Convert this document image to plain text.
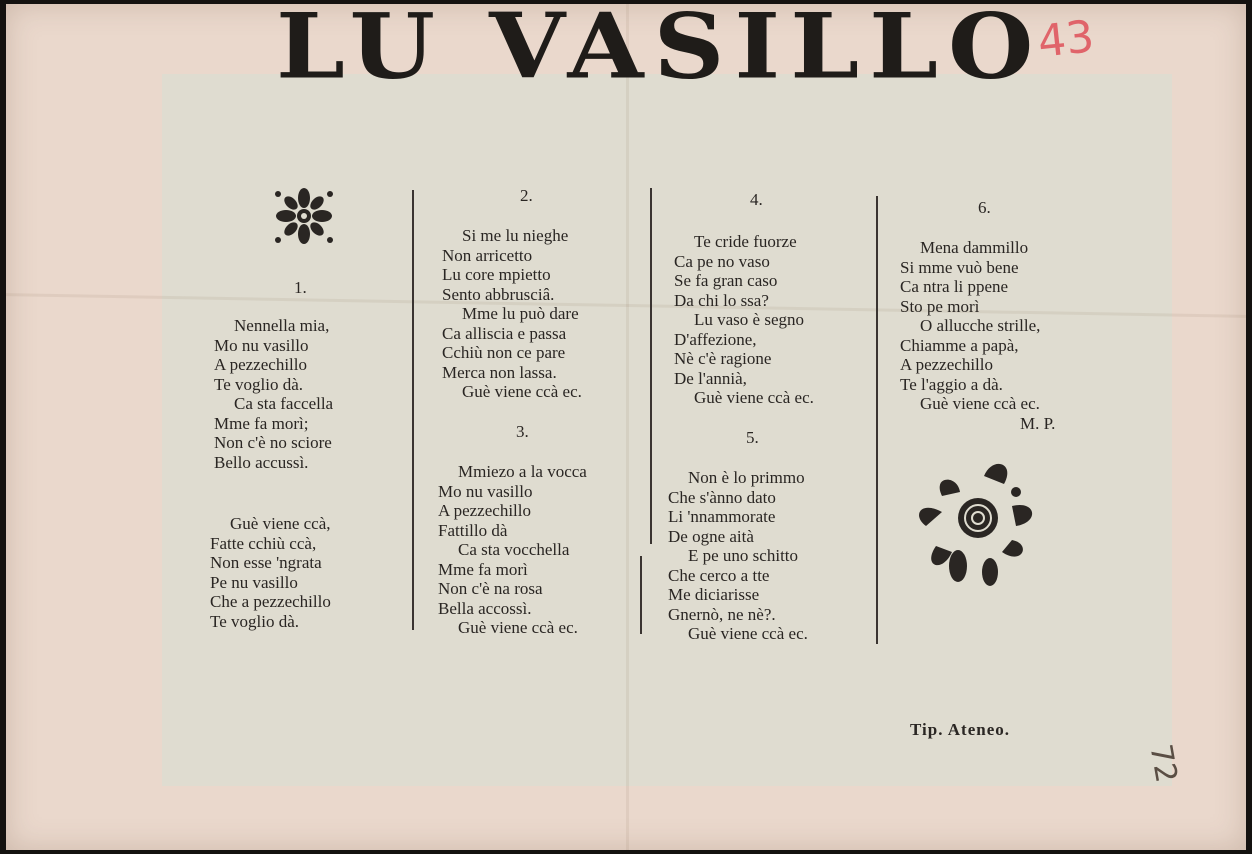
LU VASILLO
43
1.
Nennella mia,
Mo nu vasillo
A pezzechillo
Te voglio dà.
Ca sta faccella
Mme fa morì;
Non c'è no sciore
Bello accussì.
Guè viene ccà,
Fatte cchiù ccà,
Non esse 'ngrata
Pe nu vasillo
Che a pezzechillo
Te voglio dà.
2.
Si me lu nieghe
Non arricetto
Lu core mpietto
Sento abbrusciâ.
Mme lu può dare
Ca alliscia e passa
Cchiù non ce pare
Merca non lassa.
Guè viene ccà ec.
3.
Mmiezo a la vocca
Mo nu vasillo
A pezzechillo
Fattillo dà
Ca sta vocchella
Mme fa morì
Non c'è na rosa
Bella accossì.
Guè viene ccà ec.
4.
Te cride fuorze
Ca pe no vaso
Se fa gran caso
Da chi lo ssa?
Lu vaso è segno
D'affezione,
Nè c'è ragione
De l'annià,
Guè viene ccà ec.
5.
Non è lo primmo
Che s'ànno dato
Li 'nnammorate
De ogne aità
E pe uno schitto
Che cerco a tte
Me diciarisse
Gnernò, ne nè?.
Guè viene ccà ec.
6.
Mena dammillo
Si mme vuò bene
Ca ntra li ppene
Sto pe morì
O allucche strille,
Chiamme a papà,
A pezzechillo
Te l'aggio a dà.
Guè viene ccà ec.
M. P.
Tip. Ateneo.
72
